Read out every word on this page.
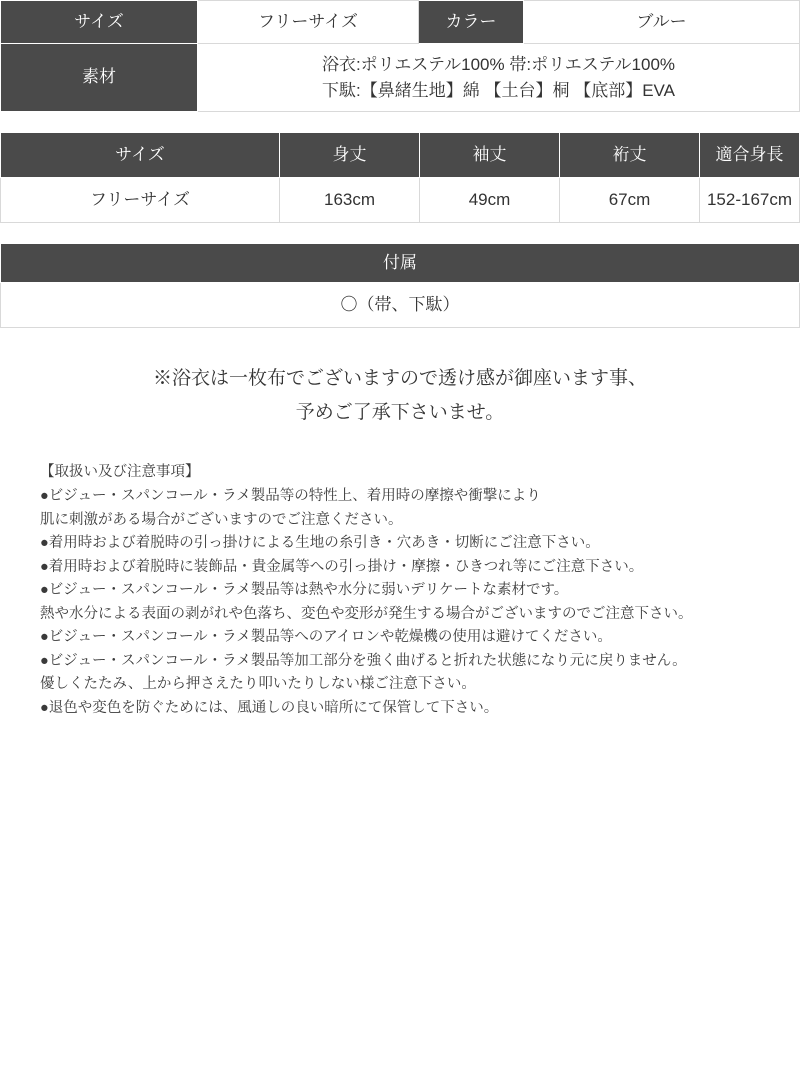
サイズ	フリーサイズ	カラー	ブルー
素材	浴衣:ポリエステル100% 帯:ポリエステル100%
下駄:【鼻緒生地】綿 【土台】桐 【底部】EVA		
サイズ	身丈	袖丈	裄丈	適合身長
フリーサイズ	163cm	49cm	67cm	152-167cm
付属
〇（帯、下駄）
※浴衣は一枚布でございますので透け感が御座います事、
予めご了承下さいませ。
【取扱い及び注意事項】
●ビジュー・スパンコール・ラメ製品等の特性上、着用時の摩擦や衝撃により
肌に刺激がある場合がございますのでご注意ください。
●着用時および着脱時の引っ掛けによる生地の糸引き・穴あき・切断にご注意下さい。
●着用時および着脱時に装飾品・貴金属等への引っ掛け・摩擦・ひきつれ等にご注意下さい。
●ビジュー・スパンコール・ラメ製品等は熱や水分に弱いデリケートな素材です。
熱や水分による表面の剥がれや色落ち、変色や変形が発生する場合がございますのでご注意下さい。
●ビジュー・スパンコール・ラメ製品等へのアイロンや乾燥機の使用は避けてください。
●ビジュー・スパンコール・ラメ製品等加工部分を強く曲げると折れた状態になり元に戻りません。
優しくたたみ、上から押さえたり叩いたりしない様ご注意下さい。
●退色や変色を防ぐためには、風通しの良い暗所にて保管して下さい。
